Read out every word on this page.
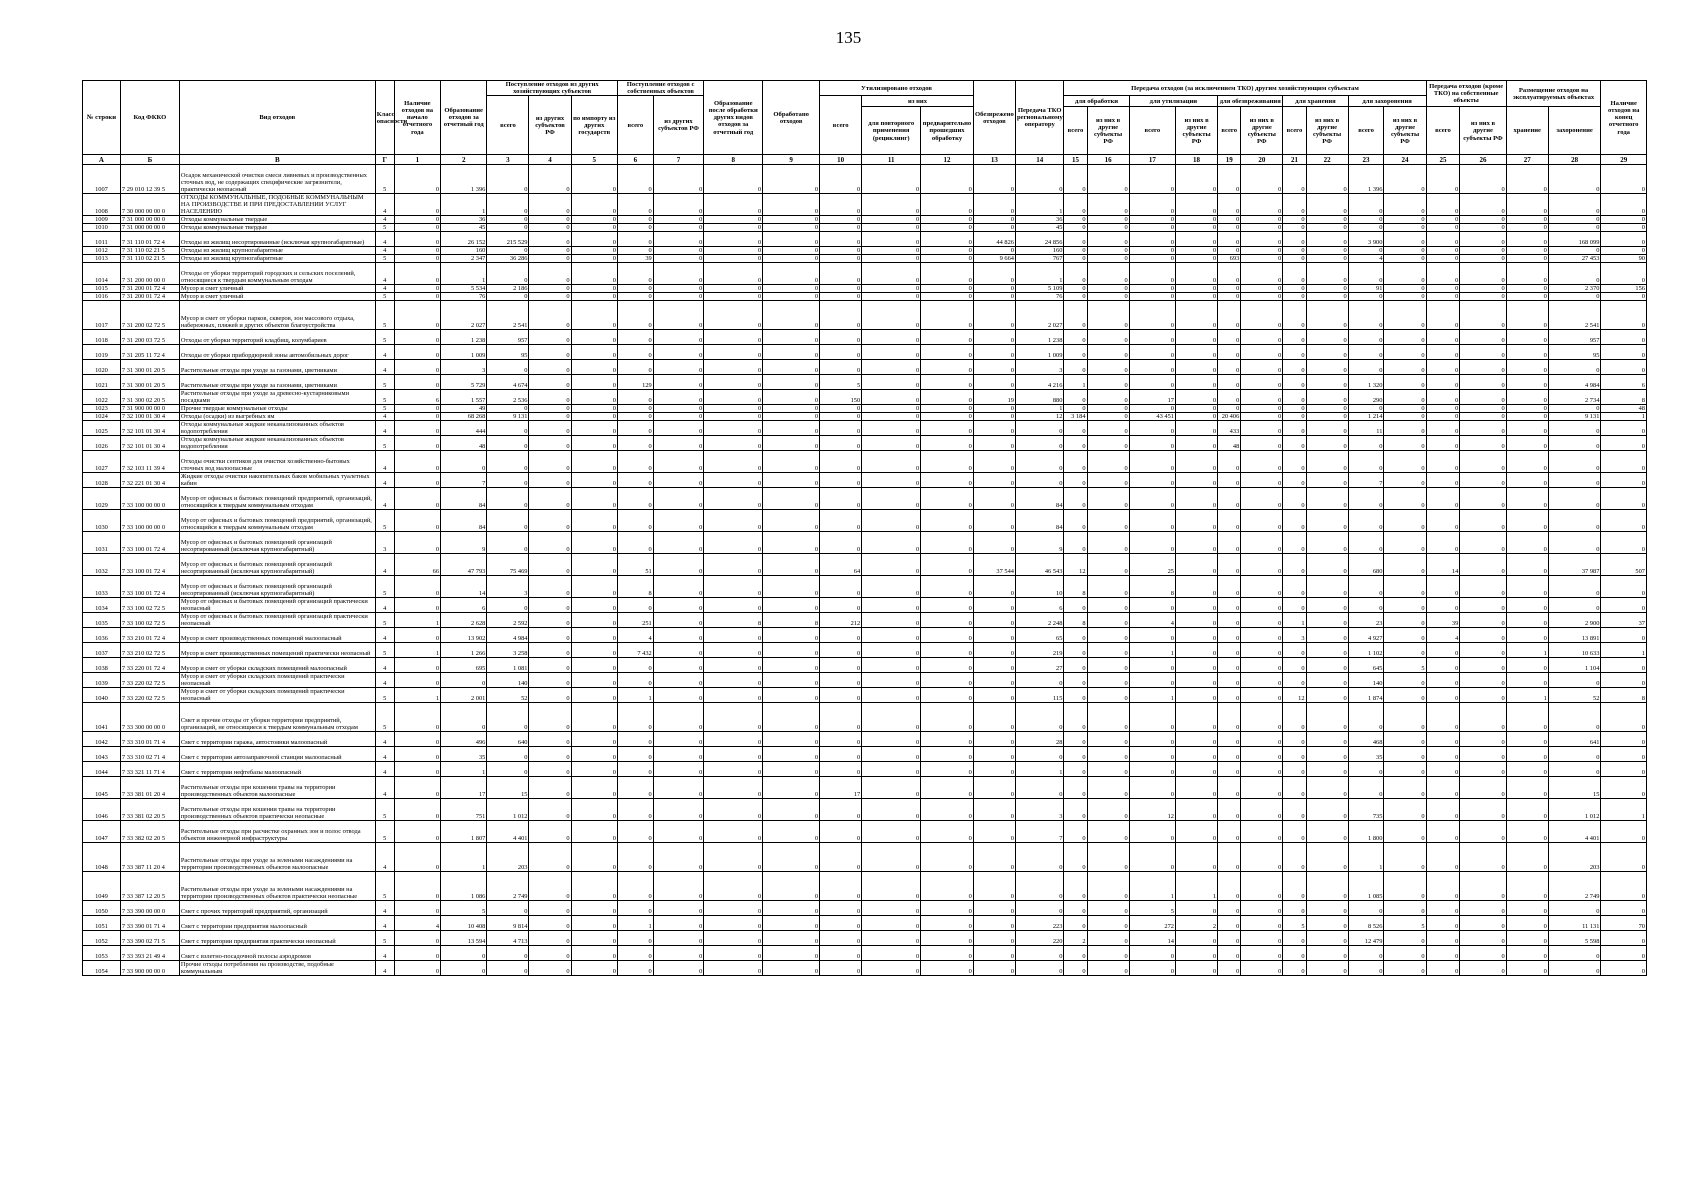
135
№ строки	Код ФККО	Вид отходов	Класс опасности	Наличие отходов на начало отчетного года	Образование отходов за отчетный год	Поступление отходов из других хозяйствующих субъектов			Поступление отходов с собственных объектов		Образование после обработки других видов отходов за отчетный год	Обработано отходов	Утилизировано отходов			Обезврежено отходов	Передача ТКО региональному оператору	Передача отходов (за исключением ТКО) другим хозяйствующим субъектам										Передача отходов (кроме ТКО) на собственные объекты		Размещение отходов на эксплуатируемых объектах		Наличие отходов на конец отчетного года
						всего	из других субъектов РФ	по импорту из других государств	всего	из других субъектов РФ			всего	из них				для обработки		для утилизации		для обезвреживания		для хранения		для захоронения						
														для повторного применения (рециклинг)	предварительно прошедших обработку			всего	из них в другие субъекты РФ	всего	из них в другие субъекты РФ	всего	из них в другие субъекты РФ	всего	из них в другие субъекты РФ	всего	из них в другие субъекты РФ	всего	из них в другие субъекты РФ	хранение	захоронение	
А	Б	В	Г	1	2	3	4	5	6	7	8	9	10	11	12	13	14	15	16	17	18	19	20	21	22	23	24	25	26	27	28	29
1007	7 29 010 12 39 5	Осадок механической очистки смеси ливневых и производственных сточных вод, не содержащих специфические загрязнители, практически неопасный	5	0	1 396	0	0	0	0	0	0	0	0	0	0	0	0	0	0	0	0	0	0	0	0	1 396	0	0	0	0	0	0
1008	7 30 000 00 00 0	ОТХОДЫ КОММУНАЛЬНЫЕ, ПОДОБНЫЕ КОММУНАЛЬНЫМ НА ПРОИЗВОДСТВЕ И ПРИ ПРЕДОСТАВЛЕНИИ УСЛУГ НАСЕЛЕНИЮ	4	0	1	0	0	0	0	0	0	0	0	0	0	0	1	0	0	0	0	0	0	0	0	0	0	0	0	0	0	0
1009	7 31 000 00 00 0	Отходы коммунальные твердые	4	0	36	0	0	0	0	0	0	0	0	0	0	0	36	0	0	0	0	0	0	0	0	0	0	0	0	0	0	0
1010	7 31 000 00 00 0	Отходы коммунальные твердые	5	0	45	0	0	0	0	0	0	0	0	0	0	0	45	0	0	0	0	0	0	0	0	0	0	0	0	0	0	0
1011	7 31 110 01 72 4	Отходы из жилищ несортированные (исключая крупногабаритные)	4	0	26 152	215 529	0	0	0	0	0	0	0	0	0	44 826	24 856	0	0	0	0	0	0	0	0	3 900	0	0	0	0	168 099	0
1012	7 31 110 02 21 5	Отходы из жилищ крупногабаритные	4	0	160	0	0	0	0	0	0	0	0	0	0	0	160	0	0	0	0	0	0	0	0	0	0	0	0	0	0	0
1013	7 31 110 02 21 5	Отходы из жилищ крупногабаритные	5	0	2 347	36 286	0	0	39	0	0	0	0	0	0	9 664	767	0	0	0	0	693	0	0	0	4	0	0	0	0	27 453	90
1014	7 31 200 00 00 0	Отходы от уборки территорий городских и сельских поселений, относящиеся к твердым коммунальным отходам	4	0	1	0	0	0	0	0	0	0	0	0	0	0	1	0	0	0	0	0	0	0	0	0	0	0	0	0	0	0
1015	7 31 200 01 72 4	Мусор и смет уличный	4	0	5 534	2 186	0	0	0	0	0	0	0	0	0	0	5 109	0	0	0	0	0	0	0	0	91	0	0	0	0	2 370	156
1016	7 31 200 01 72 4	Мусор и смет уличный	5	0	76	0	0	0	0	0	0	0	0	0	0	0	76	0	0	0	0	0	0	0	0	0	0	0	0	0	0	0
1017	7 31 200 02 72 5	Мусор и смет от уборки парков, скверов, зон массового отдыха, набережных, пляжей и других объектов благоустройства	5	0	2 027	2 541	0	0	0	0	0	0	0	0	0	0	2 027	0	0	0	0	0	0	0	0	0	0	0	0	0	2 541	0
1018	7 31 200 03 72 5	Отходы от уборки территорий кладбищ, колумбариев	5	0	1 238	957	0	0	0	0	0	0	0	0	0	0	1 238	0	0	0	0	0	0	0	0	0	0	0	0	0	957	0
1019	7 31 205 11 72 4	Отходы от уборки прибордюрной зоны автомобильных дорог	4	0	1 009	95	0	0	0	0	0	0	0	0	0	0	1 009	0	0	0	0	0	0	0	0	0	0	0	0	0	95	0
1020	7 31 300 01 20 5	Растительные отходы при уходе за газонами, цветниками	4	0	3	0	0	0	0	0	0	0	0	0	0	0	3	0	0	0	0	0	0	0	0	0	0	0	0	0	0	0
1021	7 31 300 01 20 5	Растительные отходы при уходе за газонами, цветниками	5	0	5 729	4 674	0	0	129	0	0	0	5	0	0	0	4 216	1	0	0	0	0	0	0	0	1 320	0	0	0	0	4 984	6
1022	7 31 300 02 20 5	Растительные отходы при уходе за древесно-кустарниковыми посадками	5	6	1 557	2 536	0	0	0	0	0	0	150	0	0	19	880	0	0	17	0	0	0	0	0	290	0	0	0	0	2 734	8
1023	7 31 900 00 00 0	Прочие твердые коммунальные отходы	5	0	49	0	0	0	0	0	0	0	0	0	0	0	1	0	0	0	0	0	0	0	0	0	0	0	0	0	0	48
1024	7 32 100 01 30 4	Отходы (осадки) из выгребных ям	4	0	68 268	9 131	0	0	0	0	0	0	0	0	0	0	12	3 184	0	43 451	0	20 406	0	0	0	1 214	0	0	0	0	9 131	1
1025	7 32 101 01 30 4	Отходы коммунальные жидкие неканализованных объектов водопотребления	4	0	444	0	0	0	0	0	0	0	0	0	0	0	0	0	0	0	0	433	0	0	0	11	0	0	0	0	0	0
1026	7 32 101 01 30 4	Отходы коммунальные жидкие неканализованных объектов водопотребления	5	0	48	0	0	0	0	0	0	0	0	0	0	0	0	0	0	0	0	48	0	0	0	0	0	0	0	0	0	0
1027	7 32 103 11 39 4	Отходы очистки септиков для очистки хозяйственно-бытовых сточных вод малоопасные	4	0	0	0	0	0	0	0	0	0	0	0	0	0	0	0	0	0	0	0	0	0	0	0	0	0	0	0	0	0
1028	7 32 221 01 30 4	Жидкие отходы очистки накопительных баков мобильных туалетных кабин	4	0	7	0	0	0	0	0	0	0	0	0	0	0	0	0	0	0	0	0	0	0	0	7	0	0	0	0	0	0
1029	7 33 100 00 00 0	Мусор от офисных и бытовых помещений предприятий, организаций, относящийся к твердым коммунальным отходам	4	0	84	0	0	0	0	0	0	0	0	0	0	0	84	0	0	0	0	0	0	0	0	0	0	0	0	0	0	0
1030	7 33 100 00 00 0	Мусор от офисных и бытовых помещений предприятий, организаций, относящийся к твердым коммунальным отходам	5	0	84	0	0	0	0	0	0	0	0	0	0	0	84	0	0	0	0	0	0	0	0	0	0	0	0	0	0	0
1031	7 33 100 01 72 4	Мусор от офисных и бытовых помещений организаций несортированный (исключая крупногабаритный)	3	0	9	0	0	0	0	0	0	0	0	0	0	0	9	0	0	0	0	0	0	0	0	0	0	0	0	0	0	0
1032	7 33 100 01 72 4	Мусор от офисных и бытовых помещений организаций несортированный (исключая крупногабаритный)	4	66	47 793	75 469	0	0	51	0	0	0	64	0	0	37 544	46 543	12	0	25	0	0	0	0	0	680	0	14	0	0	37 987	507
1033	7 33 100 01 72 4	Мусор от офисных и бытовых помещений организаций несортированный (исключая крупногабаритный)	5	0	14	3	0	0	8	0	0	0	0	0	0	0	10	8	0	8	0	0	0	0	0	0	0	0	0	0	0	0
1034	7 33 100 02 72 5	Мусор от офисных и бытовых помещений организаций практически неопасный	4	0	6	0	0	0	0	0	0	0	0	0	0	0	6	0	0	0	0	0	0	0	0	0	0	0	0	0	0	0
1035	7 33 100 02 72 5	Мусор от офисных и бытовых помещений организаций практически неопасный	5	1	2 628	2 592	0	0	251	0	8	8	212	0	0	0	2 248	8	0	4	0	0	0	1	0	23	0	39	0	0	2 900	37
1036	7 33 210 01 72 4	Мусор и смет производственных помещений малоопасный	4	0	13 902	4 984	0	0	4	0	0	0	0	0	0	0	65	0	0	0	0	0	0	3	0	4 927	0	4	0	0	13 891	0
1037	7 33 210 02 72 5	Мусор и смет производственных помещений практически неопасный	5	1	1 266	3 258	0	0	7 432	0	0	0	0	0	0	0	219	0	0	1	0	0	0	0	0	1 102	0	0	0	1	10 633	1
1038	7 33 220 01 72 4	Мусор и смет от уборки складских помещений малоопасный	4	0	695	1 081	0	0	0	0	0	0	0	0	0	0	27	0	0	0	0	0	0	0	0	645	5	0	0	0	1 104	0
1039	7 33 220 02 72 5	Мусор и смет от уборки складских помещений практически неопасный	4	0	0	140	0	0	0	0	0	0	0	0	0	0	0	0	0	0	0	0	0	0	0	140	0	0	0	0	0	0
1040	7 33 220 02 72 5	Мусор и смет от уборки складских помещений практически неопасный	5	1	2 001	52	0	0	1	0	0	0	0	0	0	0	115	0	0	1	0	0	0	12	0	1 874	0	0	0	1	52	8
1041	7 33 300 00 00 0	Смет и прочие отходы от уборки территории предприятий, организаций, не относящиеся к твердым коммунальным отходам	5	0	0	0	0	0	0	0	0	0	0	0	0	0	0	0	0	0	0	0	0	0	0	0	0	0	0	0	0	0
1042	7 33 310 01 71 4	Смет с территории гаража, автостоянки малоопасный	4	0	496	640	0	0	0	0	0	0	0	0	0	0	28	0	0	0	0	0	0	0	0	468	0	0	0	0	641	0
1043	7 33 310 02 71 4	Смет с территории автозаправочной станции малоопасный	4	0	35	0	0	0	0	0	0	0	0	0	0	0	0	0	0	0	0	0	0	0	0	35	0	0	0	0	0	0
1044	7 33 321 11 71 4	Смет с территории нефтебазы малоопасный	4	0	1	0	0	0	0	0	0	0	0	0	0	0	1	0	0	0	0	0	0	0	0	0	0	0	0	0	0	0
1045	7 33 381 01 20 4	Растительные отходы при кошении травы на территории производственных объектов малоопасные	4	0	17	15	0	0	0	0	0	0	17	0	0	0	0	0	0	0	0	0	0	0	0	0	0	0	0	0	15	0
1046	7 33 381 02 20 5	Растительные отходы при кошении травы на территории производственных объектов практически неопасные	5	0	751	1 012	0	0	0	0	0	0	0	0	0	0	3	0	0	12	0	0	0	0	0	735	0	0	0	0	1 012	1
1047	7 33 382 02 20 5	Растительные отходы при расчистке охранных зон и полос отвода объектов инженерной инфраструктуры	5	0	1 807	4 401	0	0	0	0	0	0	0	0	0	0	7	0	0	0	0	0	0	0	0	1 800	0	0	0	0	4 401	0
1048	7 33 387 11 20 4	Растительные отходы при уходе за зелеными насаждениями на территории производственных объектов малоопасные	4	0	1	203	0	0	0	0	0	0	0	0	0	0	0	0	0	0	0	0	0	0	0	1	0	0	0	0	203	0
1049	7 33 387 12 20 5	Растительные отходы при уходе за зелеными насаждениями на территории производственных объектов практически неопасные	5	0	1 086	2 749	0	0	0	0	0	0	0	0	0	0	0	0	0	1	1	0	0	0	0	1 085	0	0	0	0	2 749	0
1050	7 33 390 00 00 0	Смет с прочих территорий предприятий, организаций	4	0	5	0	0	0	0	0	0	0	0	0	0	0	0	0	0	5	0	0	0	0	0	0	0	0	0	0	0	0
1051	7 33 390 01 71 4	Смет с территории предприятия малоопасный	4	4	10 408	9 814	0	0	1	0	0	0	0	0	0	0	223	0	0	272	2	0	0	5	0	8 526	5	0	0	0	11 131	70
1052	7 33 390 02 71 5	Смет с территории предприятия практически неопасный	5	0	13 594	4 713	0	0	0	0	0	0	0	0	0	0	220	2	0	14	0	0	0	0	0	12 479	0	0	0	0	5 598	0
1053	7 33 393 21 49 4	Смет с взлетно-посадочной полосы аэродромов	4	0	0	0	0	0	0	0	0	0	0	0	0	0	0	0	0	0	0	0	0	0	0	0	0	0	0	0	0	0
1054	7 33 900 00 00 0	Прочие отходы потребления на производстве, подобные коммунальным	4	0	0	0	0	0	0	0	0	0	0	0	0	0	0	0	0	0	0	0	0	0	0	0	0	0	0	0	0	0
